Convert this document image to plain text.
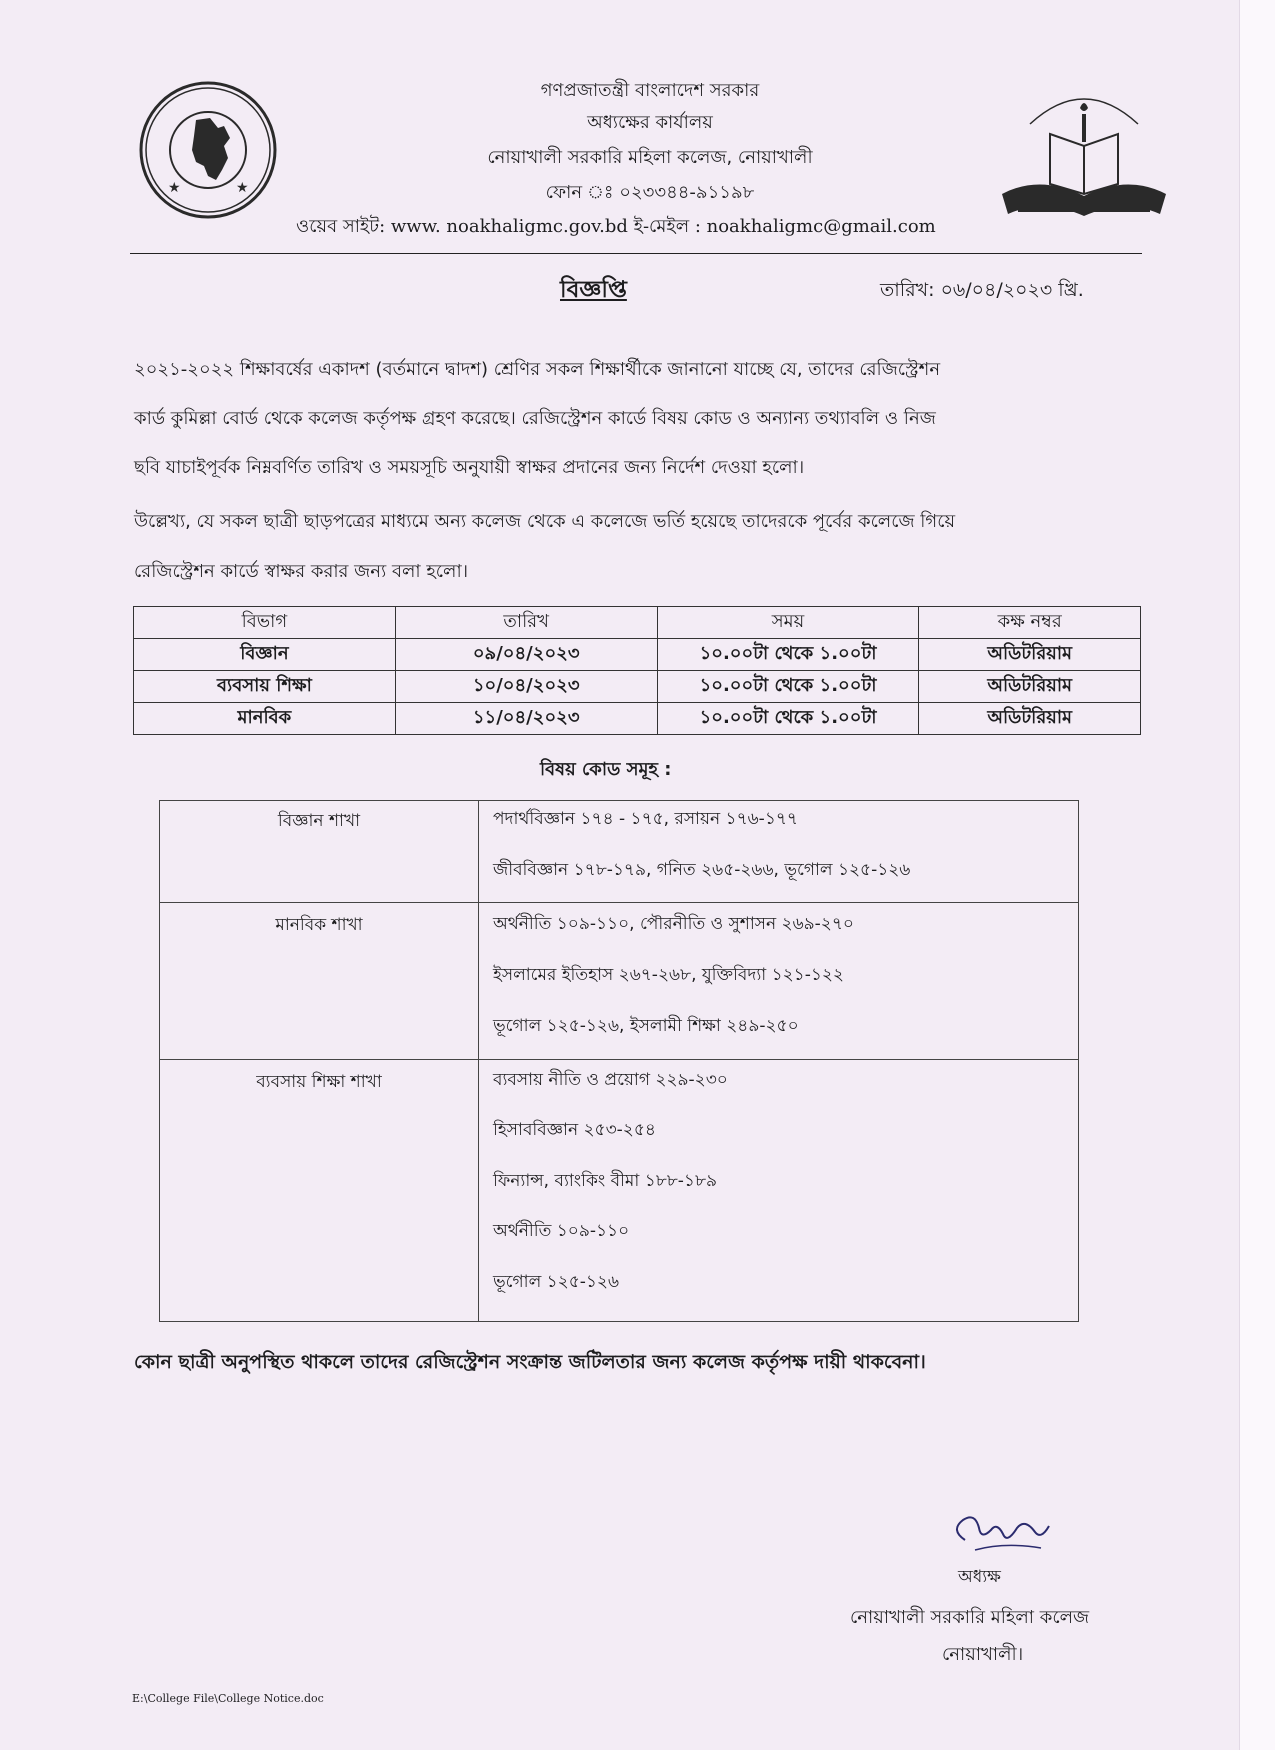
★	★
গণপ্রজাতন্ত্রী বাংলাদেশ সরকার
অধ্যক্ষের কার্যালয়
নোয়াখালী সরকারি মহিলা কলেজ, নোয়াখালী
ফোন ঃ ০২৩৩৪৪-৯১১৯৮
ওয়েব সাইট: www. noakhaligmc.gov.bd ই-মেইল : noakhaligmc@gmail.com
বিজ্ঞপ্তি	তারিখ: ০৬/০৪/২০২৩ খ্রি.
২০২১-২০২২ শিক্ষাবর্ষের একাদশ (বর্তমানে দ্বাদশ) শ্রেণির সকল শিক্ষার্থীকে জানানো যাচ্ছে যে, তাদের রেজিস্ট্রেশন
কার্ড কুমিল্লা বোর্ড থেকে কলেজ কর্তৃপক্ষ গ্রহণ করেছে। রেজিস্ট্রেশন কার্ডে বিষয় কোড ও অন্যান্য তথ্যাবলি ও নিজ
ছবি যাচাইপূর্বক নিম্নবর্ণিত তারিখ ও সময়সূচি অনুযায়ী স্বাক্ষর প্রদানের জন্য নির্দেশ দেওয়া হলো।
উল্লেখ্য, যে সকল ছাত্রী ছাড়পত্রের মাধ্যমে অন্য কলেজ থেকে এ কলেজে ভর্তি হয়েছে তাদেরকে পূর্বের কলেজে গিয়ে
রেজিস্ট্রেশন কার্ডে স্বাক্ষর করার জন্য বলা হলো।
বিভাগ	তারিখ	সময়	কক্ষ নম্বর
বিজ্ঞান	০৯/০৪/২০২৩	১০.০০টা থেকে ১.০০টা	অডিটরিয়াম
ব্যবসায় শিক্ষা	১০/০৪/২০২৩	১০.০০টা থেকে ১.০০টা	অডিটরিয়াম
মানবিক	১১/০৪/২০২৩	১০.০০টা থেকে ১.০০টা	অডিটরিয়াম
বিষয় কোড সমূহ :
বিজ্ঞান শাখা	পদার্থবিজ্ঞান ১৭৪ - ১৭৫, রসায়ন ১৭৬-১৭৭
জীববিজ্ঞান ১৭৮-১৭৯, গনিত ২৬৫-২৬৬, ভূগোল ১২৫-১২৬
মানবিক শাখা	অর্থনীতি ১০৯-১১০, পৌরনীতি ও সুশাসন ২৬৯-২৭০
ইসলামের ইতিহাস ২৬৭-২৬৮, যুক্তিবিদ্যা ১২১-১২২
ভূগোল ১২৫-১২৬, ইসলামী শিক্ষা ২৪৯-২৫০
ব্যবসায় শিক্ষা শাখা	ব্যবসায় নীতি ও প্রয়োগ ২২৯-২৩০
হিসাববিজ্ঞান ২৫৩-২৫৪
ফিন্যান্স, ব্যাংকিং বীমা ১৮৮-১৮৯
অর্থনীতি ১০৯-১১০
ভূগোল ১২৫-১২৬
কোন ছাত্রী অনুপস্থিত থাকলে তাদের রেজিস্ট্রেশন সংক্রান্ত জটিলতার জন্য কলেজ কর্তৃপক্ষ দায়ী থাকবেনা।
অধ্যক্ষ
নোয়াখালী সরকারি মহিলা কলেজ
নোয়াখালী।
E:\College File\College Notice.doc
